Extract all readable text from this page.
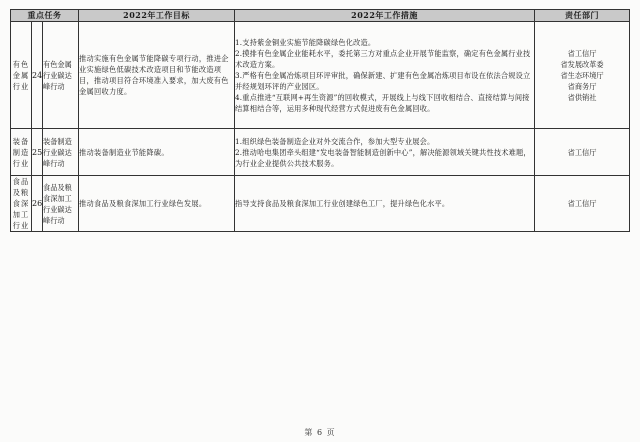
重点任务			2022年工作目标	2022年工作措施	责任部门
有色金属行业	24	有色金属行业碳达峰行动	推动实施有色金属节能降碳专项行动，推进企业实施绿色低碳技术改造项目和节能改造项目，推动项目符合环境准入要求，加大废有色金属回收力度。	1.支持紫金铜业实施节能降碳绿色化改造。
2.摸排有色金属企业能耗水平，委托第三方对重点企业开展节能监察，确定有色金属行业技术改造方案。
3.严格有色金属冶炼项目环评审批，确保新建、扩建有色金属冶炼项目布设在依法合规设立并经规划环评的产业园区。
4.重点推进“互联网+再生资源”的回收模式，开展线上与线下回收相结合、直接结算与间接结算相结合等，运用多种现代经营方式促进废有色金属回收。	省工信厅
省发展改革委
省生态环境厅
省商务厅
省供销社

装备制造行业	25	装备制造行业碳达峰行动	推动装备制造业节能降碳。	1.组织绿色装备制造企业对外交流合作，参加大型专业展会。
2.推动哈电集团牵头组建“发电装备智能制造创新中心”，解决能源领域关键共性技术难题，为行业企业提供公共技术服务。	省工信厅

食品及粮食深加工行业	26	食品及粮食深加工行业碳达峰行动	推动食品及粮食深加工行业绿色发展。	指导支持食品及粮食深加工行业创建绿色工厂，提升绿色化水平。	省工信厅
第 6 页
